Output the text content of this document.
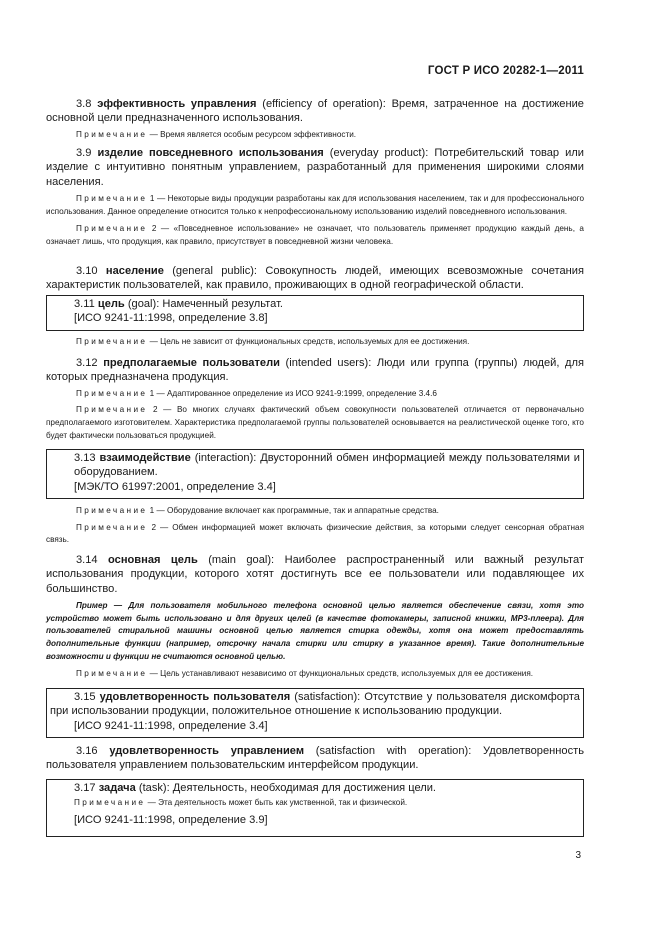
ГОСТ Р ИСО 20282-1—2011

3.8 эффективность управления (efficiency of operation): Время, затраченное на достижение основной цели предназначенного использования.

Примечание — Время является особым ресурсом эффективности.

3.9 изделие повседневного использования (everyday product): Потребительский товар или изделие с интуитивно понятным управлением, разработанный для применения широкими слоями населения.

Примечание 1 — Некоторые виды продукции разработаны как для использования населением, так и для профессионального использования. Данное определение относится только к непрофессиональному использованию изделий повседневного использования.

Примечание 2 — «Повседневное использование» не означает, что пользователь применяет продукцию каждый день, а означает лишь, что продукция, как правило, присутствует в повседневной жизни человека.

3.10 население (general public): Совокупность людей, имеющих всевозможные сочетания характеристик пользователей, как правило, проживающих в одной географической области.

3.11 цель (goal): Намеченный результат.

[ИСО 9241-11:1998, определение 3.8]

Примечание — Цель не зависит от функциональных средств, используемых для ее достижения.

3.12 предполагаемые пользователи (intended users): Люди или группа (группы) людей, для которых предназначена продукция.

Примечание 1 — Адаптированное определение из ИСО 9241-9:1999, определение 3.4.6

Примечание 2 — Во многих случаях фактический объем совокупности пользователей отличается от первоначально предполагаемого изготовителем. Характеристика предполагаемой группы пользователей основывается на реалистической оценке того, кто будет фактически пользоваться продукцией.

3.13 взаимодействие (interaction): Двусторонний обмен информацией между пользователями и оборудованием.

[МЭК/ТО 61997:2001, определение 3.4]

Примечание 1 — Оборудование включает как программные, так и аппаратные средства.

Примечание 2 — Обмен информацией может включать физические действия, за которыми следует сенсорная обратная связь.

3.14 основная цель (main goal): Наиболее распространенный или важный результат использования продукции, которого хотят достигнуть все ее пользователи или подавляющее их большинство.

Пример — Для пользователя мобильного телефона основной целью является обеспечение связи, хотя это устройство может быть использовано и для других целей (в качестве фотокамеры, записной книжки, МР3-плеера). Для пользователей стиральной машины основной целью является стирка одежды, хотя она может предоставлять дополнительные функции (например, отсрочку начала стирки или стирку в указанное время). Такие дополнительные возможности и функции не считаются основной целью.

Примечание — Цель устанавливают независимо от функциональных средств, используемых для ее достижения.

3.15 удовлетворенность пользователя (satisfaction): Отсутствие у пользователя дискомфорта при использовании продукции, положительное отношение к использованию продукции.

[ИСО 9241-11:1998, определение 3.4]

3.16 удовлетворенность управлением (satisfaction with operation): Удовлетворенность пользователя управлением пользовательским интерфейсом продукции.

3.17 задача (task): Деятельность, необходимая для достижения цели.

Примечание — Эта деятельность может быть как умственной, так и физической.

[ИСО 9241-11:1998, определение 3.9]

3
